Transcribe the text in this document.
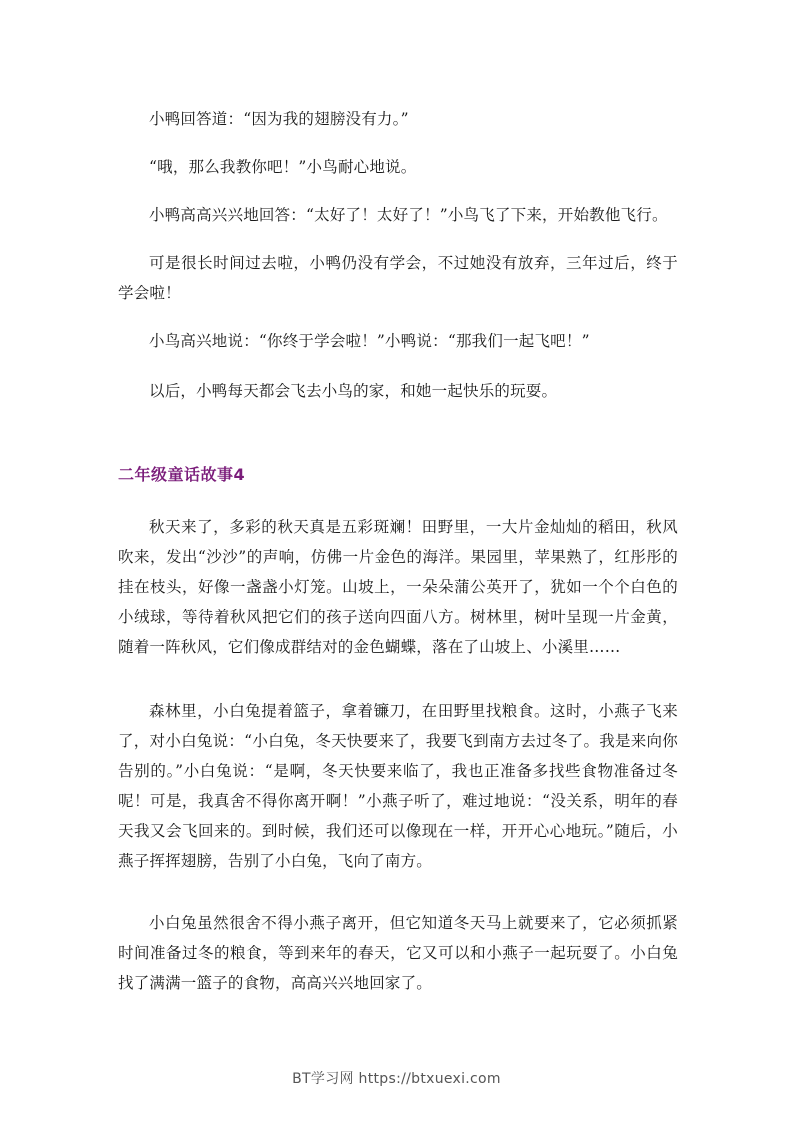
小鸭回答道：“因为我的翅膀没有力。”

“哦，那么我教你吧！”小鸟耐心地说。

小鸭高高兴兴地回答：“太好了！太好了！”小鸟飞了下来，开始教他飞行。

可是很长时间过去啦，小鸭仍没有学会，不过她没有放弃，三年过后，终于学会啦！

小鸟高兴地说：“你终于学会啦！”小鸭说：“那我们一起飞吧！”

以后，小鸭每天都会飞去小鸟的家，和她一起快乐的玩耍。

二年级童话故事4

秋天来了，多彩的秋天真是五彩斑斓！田野里，一大片金灿灿的稻田，秋风吹来，发出“沙沙”的声响，仿佛一片金色的海洋。果园里，苹果熟了，红彤彤的挂在枝头，好像一盏盏小灯笼。山坡上，一朵朵蒲公英开了，犹如一个个白色的小绒球，等待着秋风把它们的孩子送向四面八方。树林里，树叶呈现一片金黄，随着一阵秋风，它们像成群结对的金色蝴蝶，落在了山坡上、小溪里……

森林里，小白兔提着篮子，拿着镰刀，在田野里找粮食。这时，小燕子飞来了，对小白兔说：“小白兔，冬天快要来了，我要飞到南方去过冬了。我是来向你告别的。”小白兔说：“是啊，冬天快要来临了，我也正准备多找些食物准备过冬呢！可是，我真舍不得你离开啊！”小燕子听了，难过地说：“没关系，明年的春天我又会飞回来的。到时候，我们还可以像现在一样，开开心心地玩。”随后，小燕子挥挥翅膀，告别了小白兔，飞向了南方。

小白兔虽然很舍不得小燕子离开，但它知道冬天马上就要来了，它必须抓紧时间准备过冬的粮食，等到来年的春天，它又可以和小燕子一起玩耍了。小白兔找了满满一篮子的食物，高高兴兴地回家了。

BT学习网 https://btxuexi.com
